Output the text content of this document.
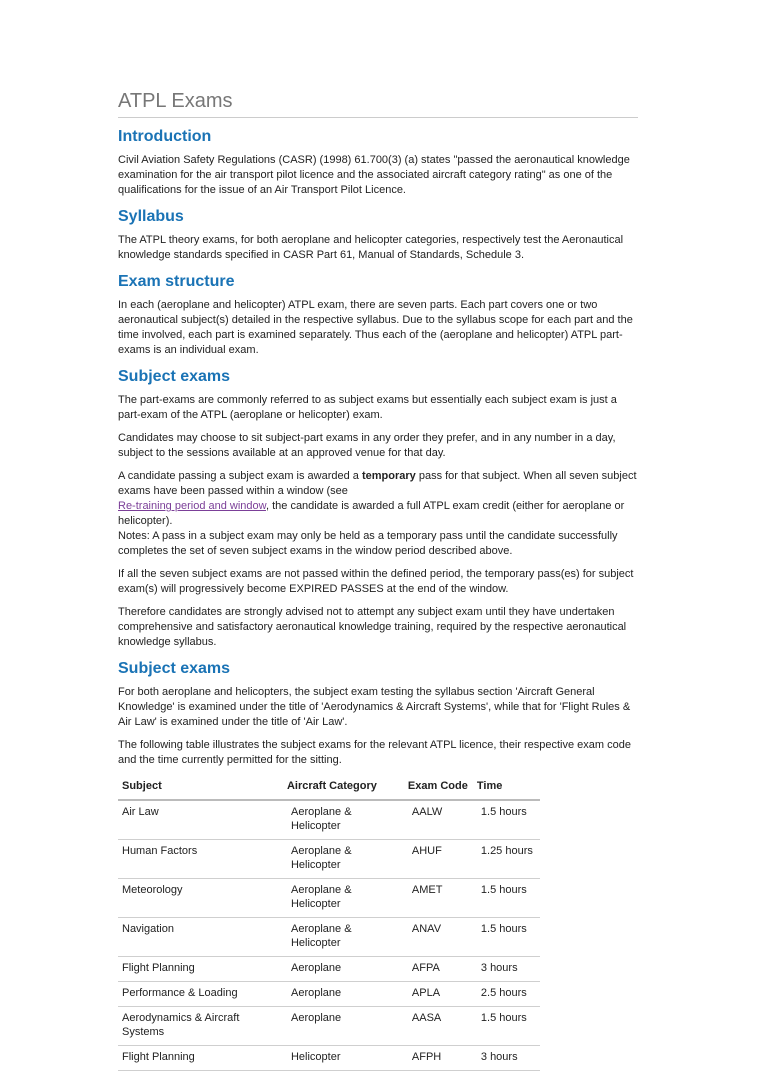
ATPL Exams
Introduction

Civil Aviation Safety Regulations (CASR) (1998) 61.700(3) (a) states "passed the aeronautical knowledge examination for the air transport pilot licence and the associated aircraft category rating" as one of the qualifications for the issue of an Air Transport Pilot Licence.

Syllabus

The ATPL theory exams, for both aeroplane and helicopter categories, respectively test the Aeronautical knowledge standards specified in CASR Part 61, Manual of Standards, Schedule 3.

Exam structure

In each (aeroplane and helicopter) ATPL exam, there are seven parts. Each part covers one or two aeronautical subject(s) detailed in the respective syllabus. Due to the syllabus scope for each part and the time involved, each part is examined separately. Thus each of the (aeroplane and helicopter) ATPL part-exams is an individual exam.

Subject exams

The part-exams are commonly referred to as subject exams but essentially each subject exam is just a part-exam of the ATPL (aeroplane or helicopter) exam.

Candidates may choose to sit subject-part exams in any order they prefer, and in any number in a day, subject to the sessions available at an approved venue for that day.

A candidate passing a subject exam is awarded a temporary pass for that subject. When all seven subject exams have been passed within a window (see
Re-training period and window, the candidate is awarded a full ATPL exam credit (either for aeroplane or helicopter).
Notes: A pass in a subject exam may only be held as a temporary pass until the candidate successfully completes the set of seven subject exams in the window period described above.

If all the seven subject exams are not passed within the defined period, the temporary pass(es) for subject exam(s) will progressively become EXPIRED PASSES at the end of the window.

Therefore candidates are strongly advised not to attempt any subject exam until they have undertaken comprehensive and satisfactory aeronautical knowledge training, required by the respective aeronautical knowledge syllabus.

Subject exams

For both aeroplane and helicopters, the subject exam testing the syllabus section 'Aircraft General Knowledge' is examined under the title of 'Aerodynamics & Aircraft Systems', while that for 'Flight Rules & Air Law' is examined under the title of 'Air Law'.

The following table illustrates the subject exams for the relevant ATPL licence, their respective exam code and the time currently permitted for the sitting.

Subject	Aircraft Category	Exam Code	Time
Air Law	Aeroplane & Helicopter	AALW	1.5 hours
Human Factors	Aeroplane & Helicopter	AHUF	1.25 hours
Meteorology	Aeroplane & Helicopter	AMET	1.5 hours
Navigation	Aeroplane & Helicopter	ANAV	1.5 hours
Flight Planning	Aeroplane	AFPA	3 hours
Performance & Loading	Aeroplane	APLA	2.5 hours
Aerodynamics & Aircraft Systems	Aeroplane	AASA	1.5 hours
Flight Planning	Helicopter	AFPH	3 hours
